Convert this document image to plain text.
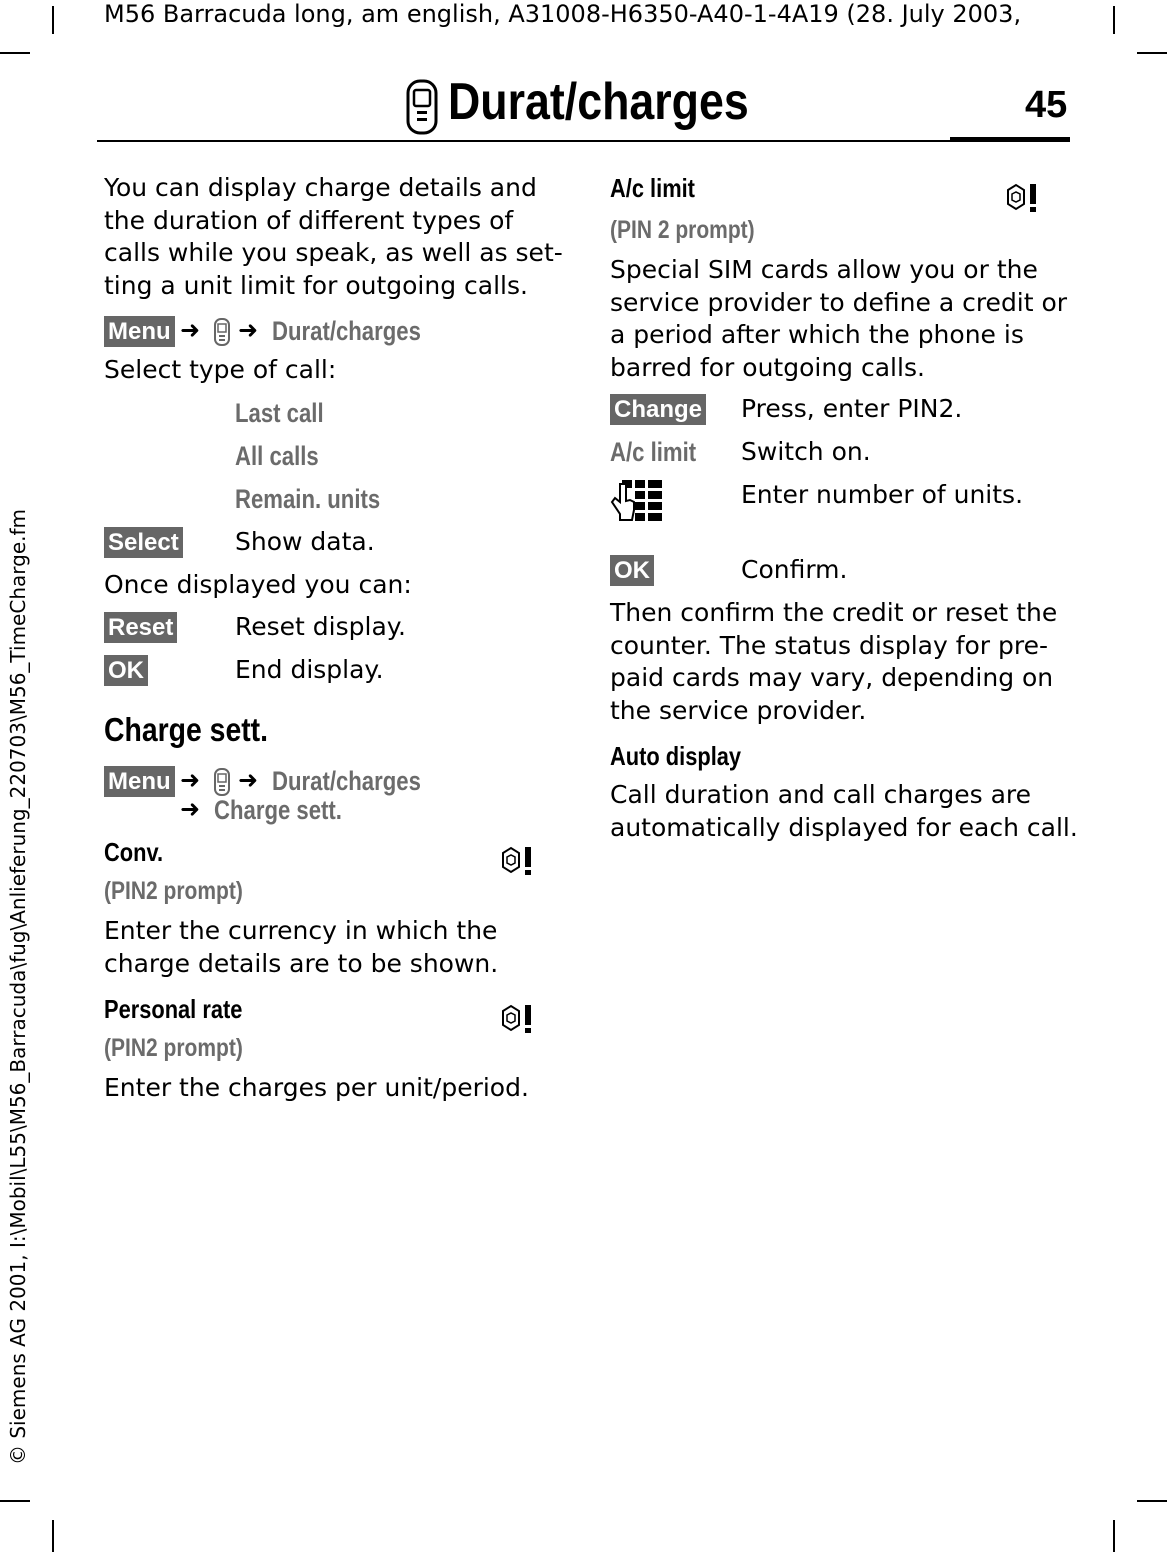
M56 Barracuda long, am english, A31008-H6350-A40-1-4A19 (28. July 2003,
© Siemens AG 2001, I:\Mobil\L55\M56_Barracuda\fug\Anlieferung_220703\M56_TimeCharge.fm
Durat/charges	45
You can display charge details and
the duration of different types of
calls while you speak, as well as set-
ting a unit limit for outgoing calls.
Menu ➜ ➜ Durat/charges
Select type of call:
Last call
All calls
Remain. units
Select Show data.
Once displayed you can:
Reset Reset display.
OK	End display.
Charge sett.
Menu ➜ ➜ Durat/charges
➜ Charge sett.
Conv.
(PIN2 prompt)
Enter the currency in which the
charge details are to be shown.
Personal rate
(PIN2 prompt)
Enter the charges per unit/period.
A/c limit
(PIN 2 prompt)
Special SIM cards allow you or the
service provider to define a credit or
a period after which the phone is
barred for outgoing calls.
Change Press, enter PIN2.
A/c limit Switch on.
Enter number of units.
OK	Confirm.
Then confirm the credit or reset the
counter. The status display for pre-
paid cards may vary, depending on
the service provider.
Auto display
Call duration and call charges are
automatically displayed for each call.
